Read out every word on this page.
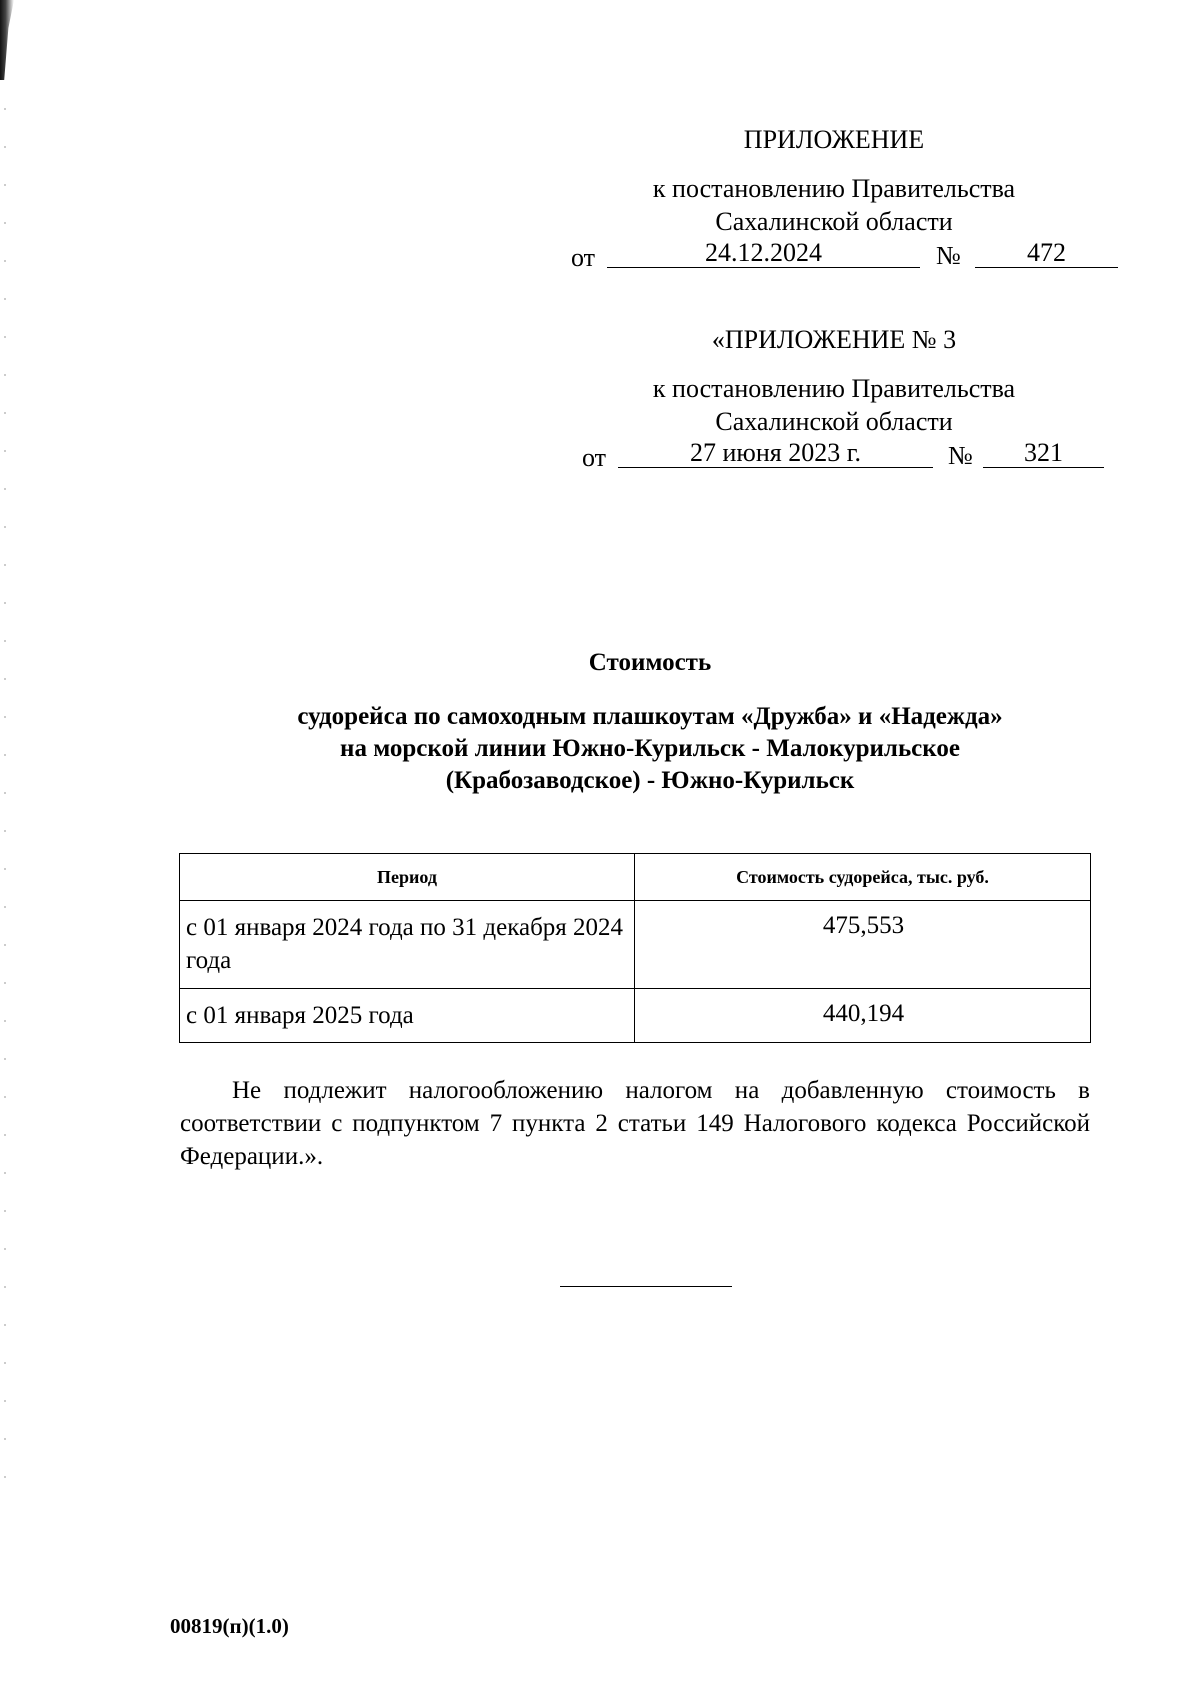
ПРИЛОЖЕНИЕ
к постановлению Правительства
Сахалинской области
от	24.12.2024	№	472
«ПРИЛОЖЕНИЕ № 3
к постановлению Правительства
Сахалинской области
от	27 июня 2023 г.	№	321
Стоимость
судорейса по самоходным плашкоутам «Дружба» и «Надежда»
на морской линии Южно-Курильск - Малокурильское
(Крабозаводское) - Южно-Курильск
Период	Стоимость судорейса, тыс. руб.
с 01 января 2024 года по 31 декабря 2024 года	475,553
с 01 января 2025 года	440,194
Не подлежит налогообложению налогом на добавленную стоимость в соответствии с подпунктом 7 пункта 2 статьи 149 Налогового кодекса Российской Федерации.».
00819(п)(1.0)
